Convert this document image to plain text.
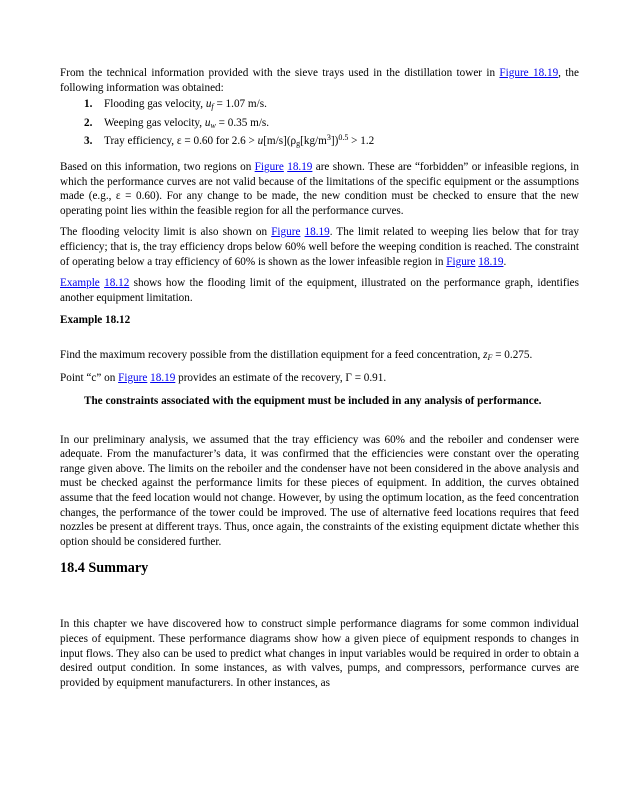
From the technical information provided with the sieve trays used in the distillation tower in Figure 18.19, the following information was obtained:

1. Flooding gas velocity, $u_f = 1.07$ m/s.
2. Weeping gas velocity, $u_w = 0.35$ m/s.
3. Tray efficiency, ε = 0.60 for $2.6 > u[m/s](\rho_g[kg/m^3])^{0.5} > 1.2$

Based on this information, two regions on Figure 18.19 are shown. These are “forbidden” or infeasible regions, in which the performance curves are not valid because of the limitations of the specific equipment or the assumptions made (e.g., ε = 0.60). For any change to be made, the new condition must be checked to ensure that the new operating point lies within the feasible region for all the performance curves.

The flooding velocity limit is also shown on Figure 18.19. The limit related to weeping lies below that for tray efficiency; that is, the tray efficiency drops below 60% well before the weeping condition is reached. The constraint of operating below a tray efficiency of 60% is shown as the lower infeasible region in Figure 18.19.

Example 18.12 shows how the flooding limit of the equipment, illustrated on the performance graph, identifies another equipment limitation.

Example 18.12

Find the maximum recovery possible from the distillation equipment for a feed concentration, $z_F = 0.275$.

Point “c” on Figure 18.19 provides an estimate of the recovery, Γ = 0.91.

The constraints associated with the equipment must be included in any analysis of performance.

In our preliminary analysis, we assumed that the tray efficiency was 60% and the reboiler and condenser were adequate. From the manufacturer’s data, it was confirmed that the efficiencies were constant over the operating range given above. The limits on the reboiler and the condenser have not been considered in the above analysis and must be checked against the performance limits for these pieces of equipment. In addition, the curves obtained assume that the feed location would not change. However, by using the optimum location, as the feed concentration changes, the performance of the tower could be improved. The use of alternative feed locations requires that feed nozzles be present at different trays. Thus, once again, the constraints of the existing equipment dictate whether this option should be considered further.

18.4 Summary

In this chapter we have discovered how to construct simple performance diagrams for some common individual pieces of equipment. These performance diagrams show how a given piece of equipment responds to changes in input flows. They also can be used to predict what changes in input variables would be required in order to obtain a desired output condition. In some instances, as with valves, pumps, and compressors, performance curves are provided by equipment manufacturers. In other instances, as
